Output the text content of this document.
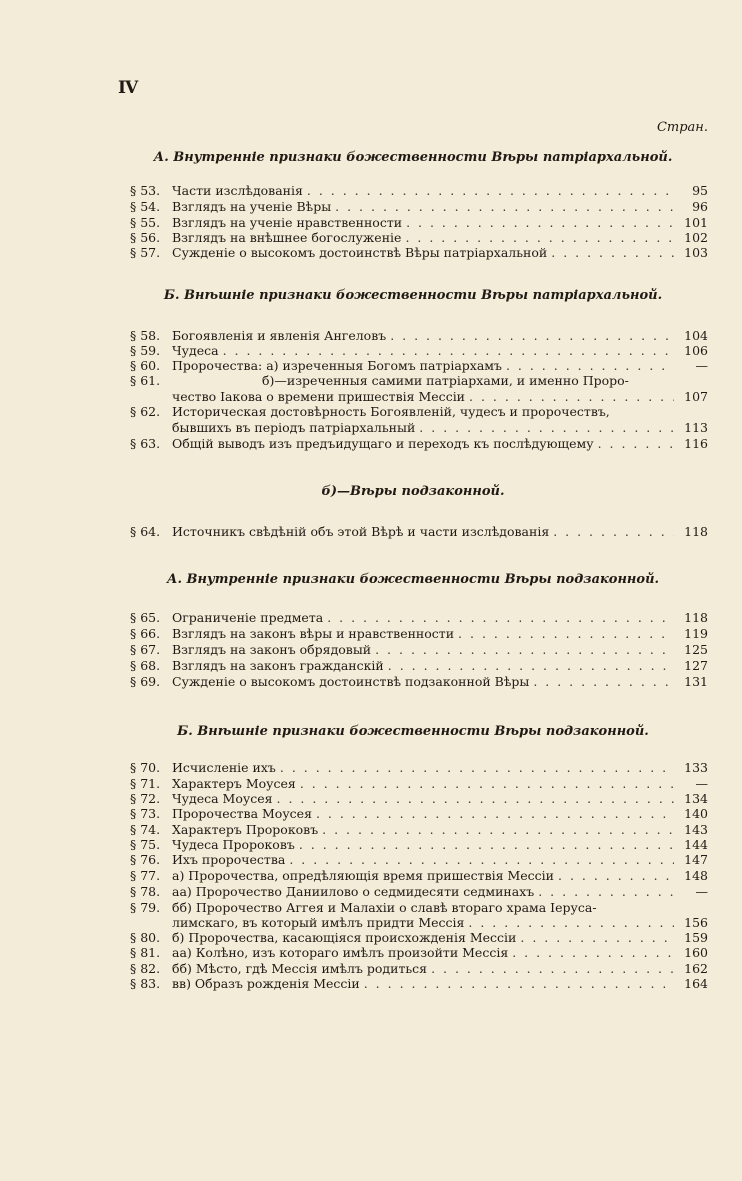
IV
Стран.
А. Внутренніе признаки божественности Вѣры патріархальной.
§ 53. Части изслѣдованія . . .	95
§ 54. Взглядъ на ученіе Вѣры . . .	96
§ 55. Взглядъ на ученіе нравственности . . .	101
§ 56. Взглядъ на внѣшнее богослуженіе . . .	102
§ 57. Сужденіе о высокомъ достоинствѣ Вѣры патріархальной . . .	103
Б. Внѣшніе признаки божественности Вѣры патріархальной.
§ 58. Богоявленія и явленія Ангеловъ . . .	104
§ 59. Чудеса . . .	106
§ 60. Пророчества: а) изреченныя Богомъ патріархамъ . . .	—
§ 61.	б)—изреченныя самими патріархами, и именно Проро-
чество Іакова о времени пришествія Мессіи . . .	107
§ 62. Историческая достовѣрность Богоявленій, чудесъ и пророчествъ,
бывшихъ въ періодъ патріархальный . . .	113
§ 63. Общій выводъ изъ предъидущаго и переходъ къ послѣдующему . . .	116
б)—Вѣры подзаконной.
§ 64. Источникъ свѣдѣній объ этой Вѣрѣ и части изслѣдованія . . .	118
А. Внутренніе признаки божественности Вѣры подзаконной.
§ 65. Ограниченіе предмета . . .	118
§ 66. Взглядъ на законъ вѣры и нравственности . . .	119
§ 67. Взглядъ на законъ обрядовый . . .	125
§ 68. Взглядъ на законъ гражданскій . . .	127
§ 69. Сужденіе о высокомъ достоинствѣ подзаконной Вѣры . . .	131
Б. Внѣшніе признаки божественности Вѣры подзаконной.
§ 70. Исчисленіе ихъ . . .	133
§ 71. Характеръ Моусея . . .	—
§ 72. Чудеса Моусея . . .	134
§ 73. Пророчества Моусея . . .	140
§ 74. Характеръ Пророковъ . . .	143
§ 75. Чудеса Пророковъ . . .	144
§ 76. Ихъ пророчества . . .	147
§ 77. а) Пророчества, опредѣляющія время пришествія Мессіи . . .	148
§ 78. аа) Пророчество Даниилово о седмидесяти седминахъ . . .	—
§ 79. бб) Пророчество Аггея и Малахіи о славѣ втораго храма Іеруса-
лимскаго, въ который имѣлъ придти Мессія . . .	156
§ 80. б) Пророчества, касающіяся происхожденія Мессіи . . .	159
§ 81. аа) Колѣно, изъ котораго имѣлъ произойти Мессія . . .	160
§ 82. бб) Мѣсто, гдѣ Мессія имѣлъ родиться . . .	162
§ 83. вв) Образъ рожденія Мессіи . . .	164
